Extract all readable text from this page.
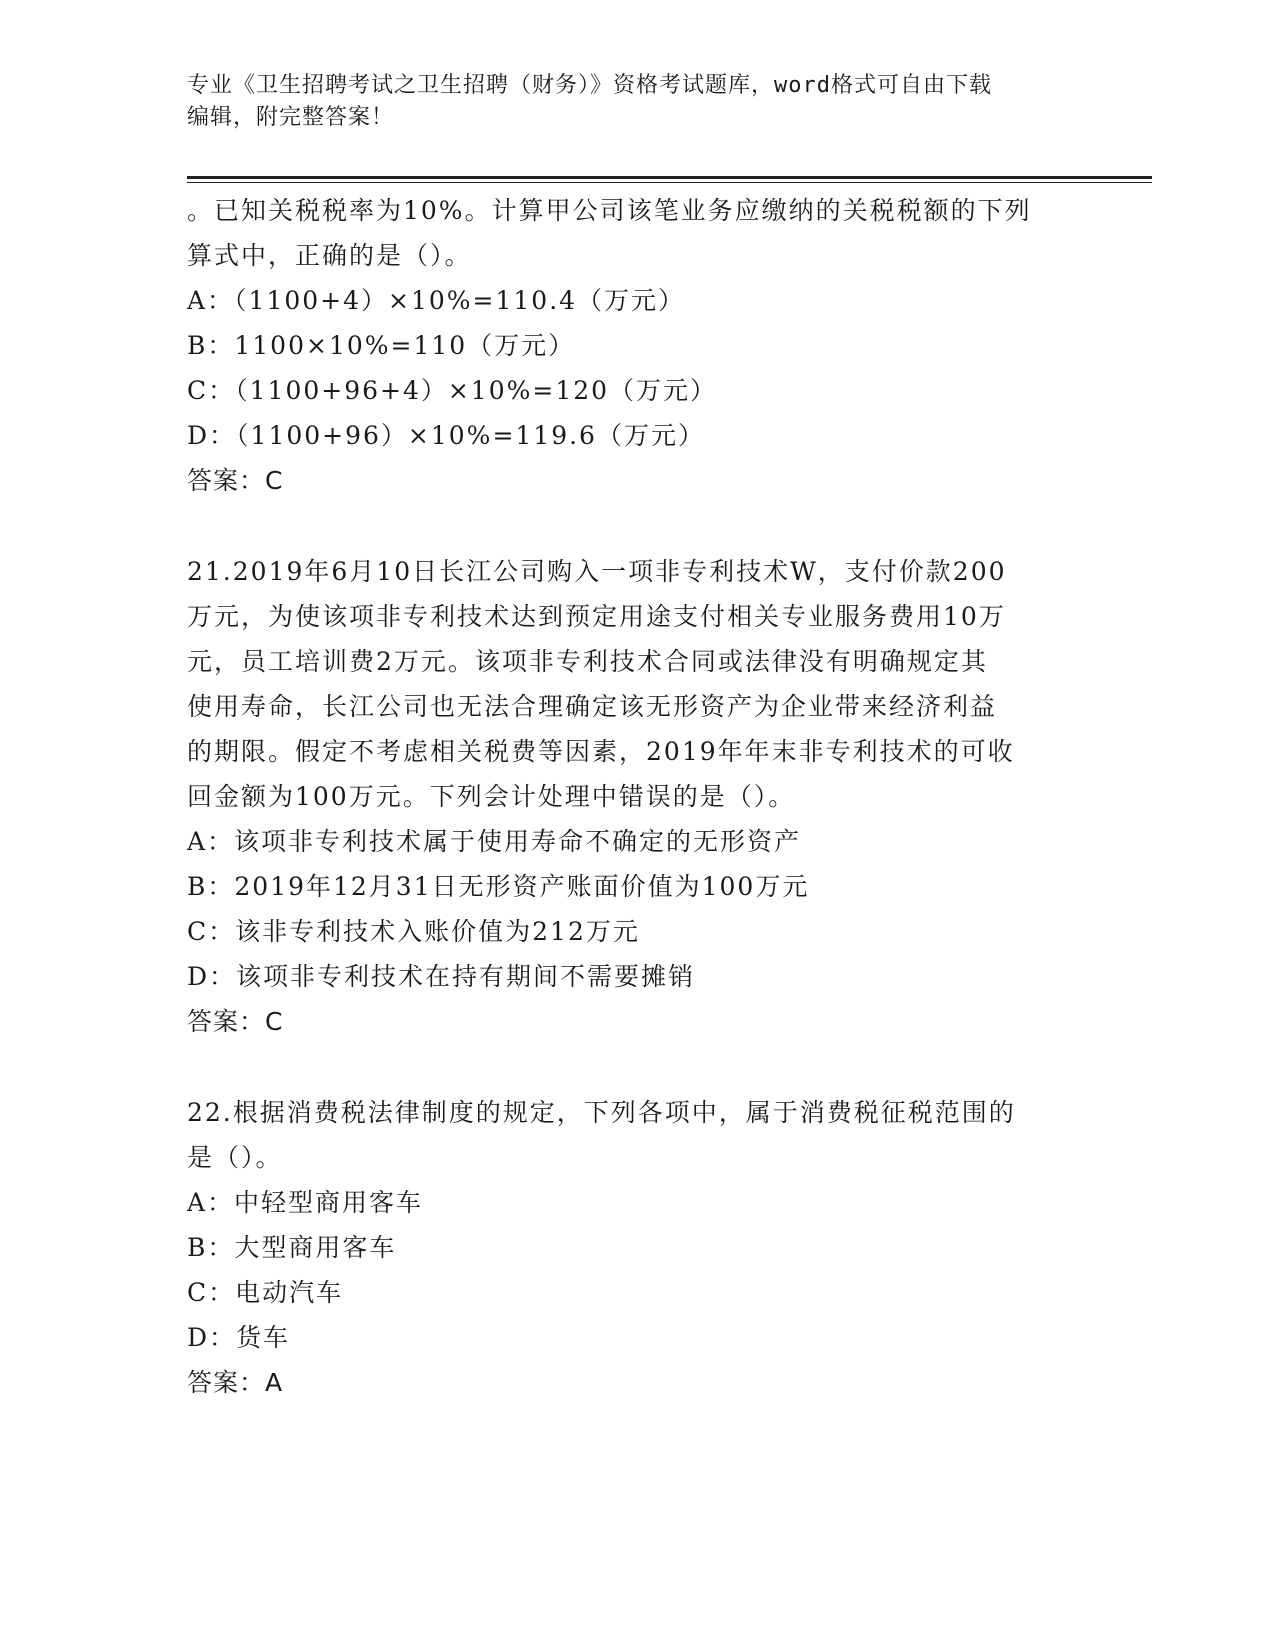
专业《卫生招聘考试之卫生招聘（财务）》资格考试题库，word格式可自由下载
编辑，附完整答案！
。已知关税税率为10%。计算甲公司该笔业务应缴纳的关税税额的下列
算式中，正确的是（）。
A：（1100+4）×10%=110.4（万元）
B：1100×10%=110（万元）
C：（1100+96+4）×10%=120（万元）
D：（1100+96）×10%=119.6（万元）
答案：C
21.2019年6月10日长江公司购入一项非专利技术W，支付价款200
万元，为使该项非专利技术达到预定用途支付相关专业服务费用10万
元，员工培训费2万元。该项非专利技术合同或法律没有明确规定其
使用寿命，长江公司也无法合理确定该无形资产为企业带来经济利益
的期限。假定不考虑相关税费等因素，2019年年末非专利技术的可收
回金额为100万元。下列会计处理中错误的是（）。
A：该项非专利技术属于使用寿命不确定的无形资产
B：2019年12月31日无形资产账面价值为100万元
C：该非专利技术入账价值为212万元
D：该项非专利技术在持有期间不需要摊销
答案：C
22.根据消费税法律制度的规定，下列各项中，属于消费税征税范围的
是（）。
A：中轻型商用客车
B：大型商用客车
C：电动汽车
D：货车
答案：A
